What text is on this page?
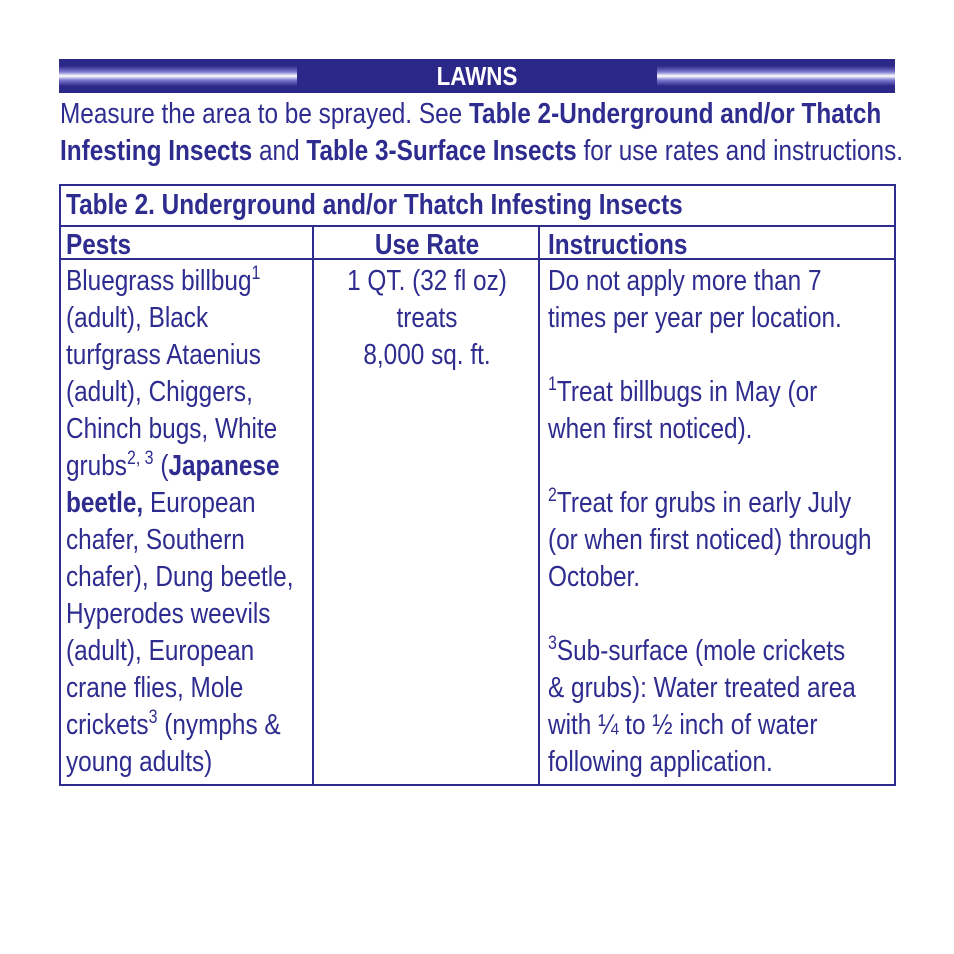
LAWNS
Measure the area to be sprayed. See Table 2-Underground and/or Thatch
Infesting Insects and Table 3-Surface Insects for use rates and instructions.
Table 2. Underground and/or Thatch Infesting Insects
Pests	Use Rate	Instructions
Bluegrass billbug$^1$
(adult), Black
turfgrass Ataenius
(adult), Chiggers,
Chinch bugs, White
grubs$^{2, 3}$ (Japanese
beetle, European
chafer, Southern
chafer), Dung beetle,
Hyperodes weevils
(adult), European
crane flies, Mole
crickets$^3$ (nymphs &
young adults)
1 QT. (32 fl oz)
treats
8,000 sq. ft.
Do not apply more than 7
times per year per location.

$^1$Treat billbugs in May (or
when first noticed).

$^2$Treat for grubs in early July
(or when first noticed) through
October.

$^3$Sub-surface (mole crickets
& grubs): Water treated area
with ¼ to ½ inch of water
following application.
